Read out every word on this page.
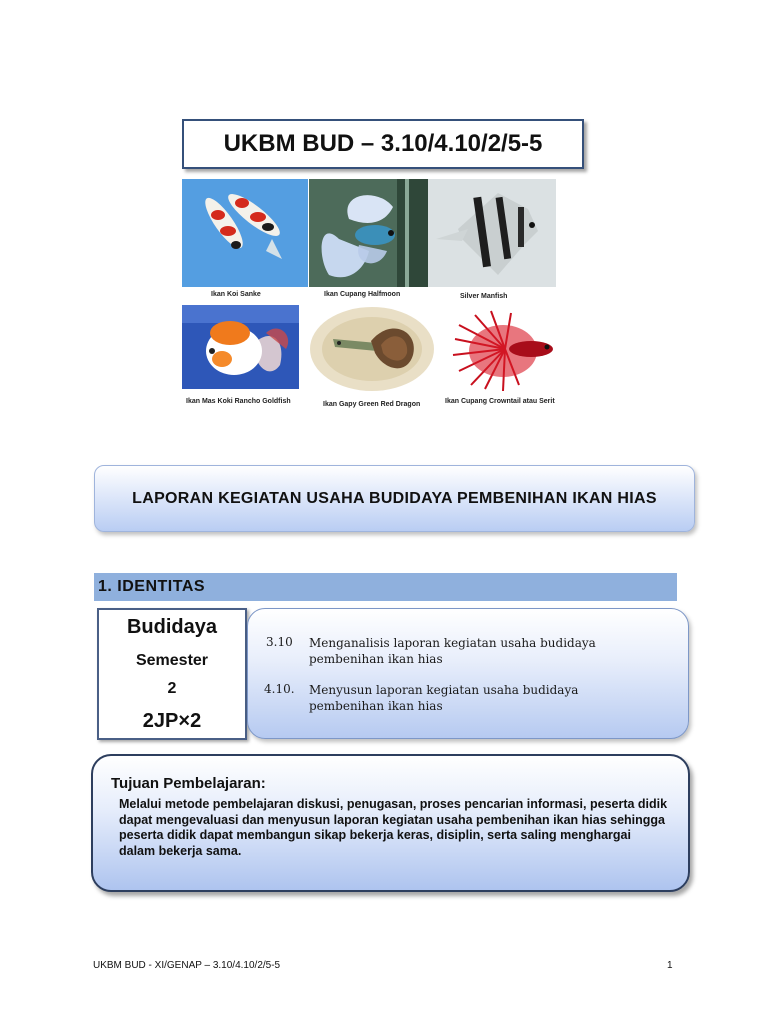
UKBM BUD – 3.10/4.10/2/5-5
Ikan Koi Sanke	Ikan Cupang Halfmoon	Silver Manfish
Ikan Mas Koki Rancho Goldfish	Ikan Gapy Green Red Dragon	Ikan Cupang Crowntail atau Serit
LAPORAN KEGIATAN USAHA BUDIDAYA PEMBENIHAN IKAN HIAS
1. IDENTITAS
Budidaya
Semester
2
2JP×2
3.10 Menganalisis laporan kegiatan usaha budidaya pembenihan ikan hias
4.10. Menyusun laporan kegiatan usaha budidaya pembenihan ikan hias
Tujuan Pembelajaran:
Melalui metode pembelajaran diskusi, penugasan, proses pencarian informasi, peserta didik dapat mengevaluasi dan menyusun laporan kegiatan usaha pembenihan ikan hias sehingga peserta didik dapat membangun sikap bekerja keras, disiplin, serta saling menghargai dalam bekerja sama.
UKBM BUD - XI/GENAP – 3.10/4.10/2/5-5	1
